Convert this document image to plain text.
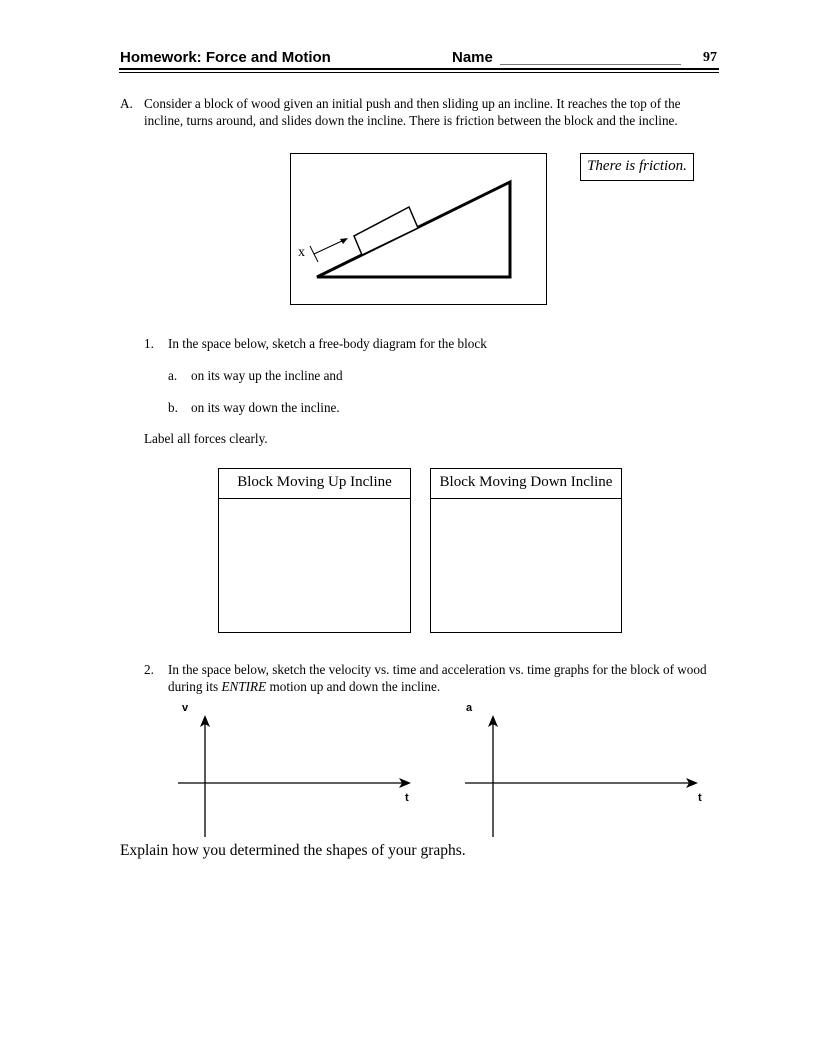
Homework: Force and Motion	Name	97
A. Consider a block of wood given an initial push and then sliding up an incline. It reaches the top of the incline, turns around, and slides down the incline. There is friction between the block and the incline.
x
There is friction.
1. In the space below, sketch a free-body diagram for the block
a. on its way up the incline and
b. on its way down the incline.
Label all forces clearly.
Block Moving Up Incline	Block Moving Down Incline
2. In the space below, sketch the velocity vs. time and acceleration vs. time graphs for the block of wood during its ENTIRE motion up and down the incline.
v
t
a
t
Explain how you determined the shapes of your graphs.
